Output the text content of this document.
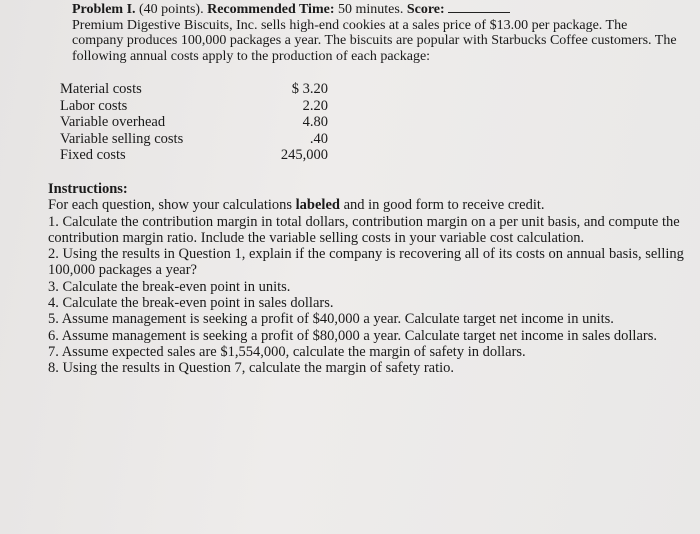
Problem I. (40 points). Recommended Time: 50 minutes. Score:

Premium Digestive Biscuits, Inc. sells high-end cookies at a sales price of $13.00 per package. The company produces 100,000 packages a year. The biscuits are popular with Starbucks Coffee customers. The following annual costs apply to the production of each package:

Material costs	$ 3.20
Labor costs	2.20
Variable overhead	4.80
Variable selling costs	.40
Fixed costs	245,000

Instructions:

For each question, show your calculations labeled and in good form to receive credit.

1. Calculate the contribution margin in total dollars, contribution margin on a per unit basis, and compute the contribution margin ratio. Include the variable selling costs in your variable cost calculation.
2. Using the results in Question 1, explain if the company is recovering all of its costs on annual basis, selling 100,000 packages a year?
3. Calculate the break-even point in units.
4. Calculate the break-even point in sales dollars.
5. Assume management is seeking a profit of $40,000 a year. Calculate target net income in units.
6. Assume management is seeking a profit of $80,000 a year. Calculate target net income in sales dollars.
7. Assume expected sales are $1,554,000, calculate the margin of safety in dollars.
8. Using the results in Question 7, calculate the margin of safety ratio.
